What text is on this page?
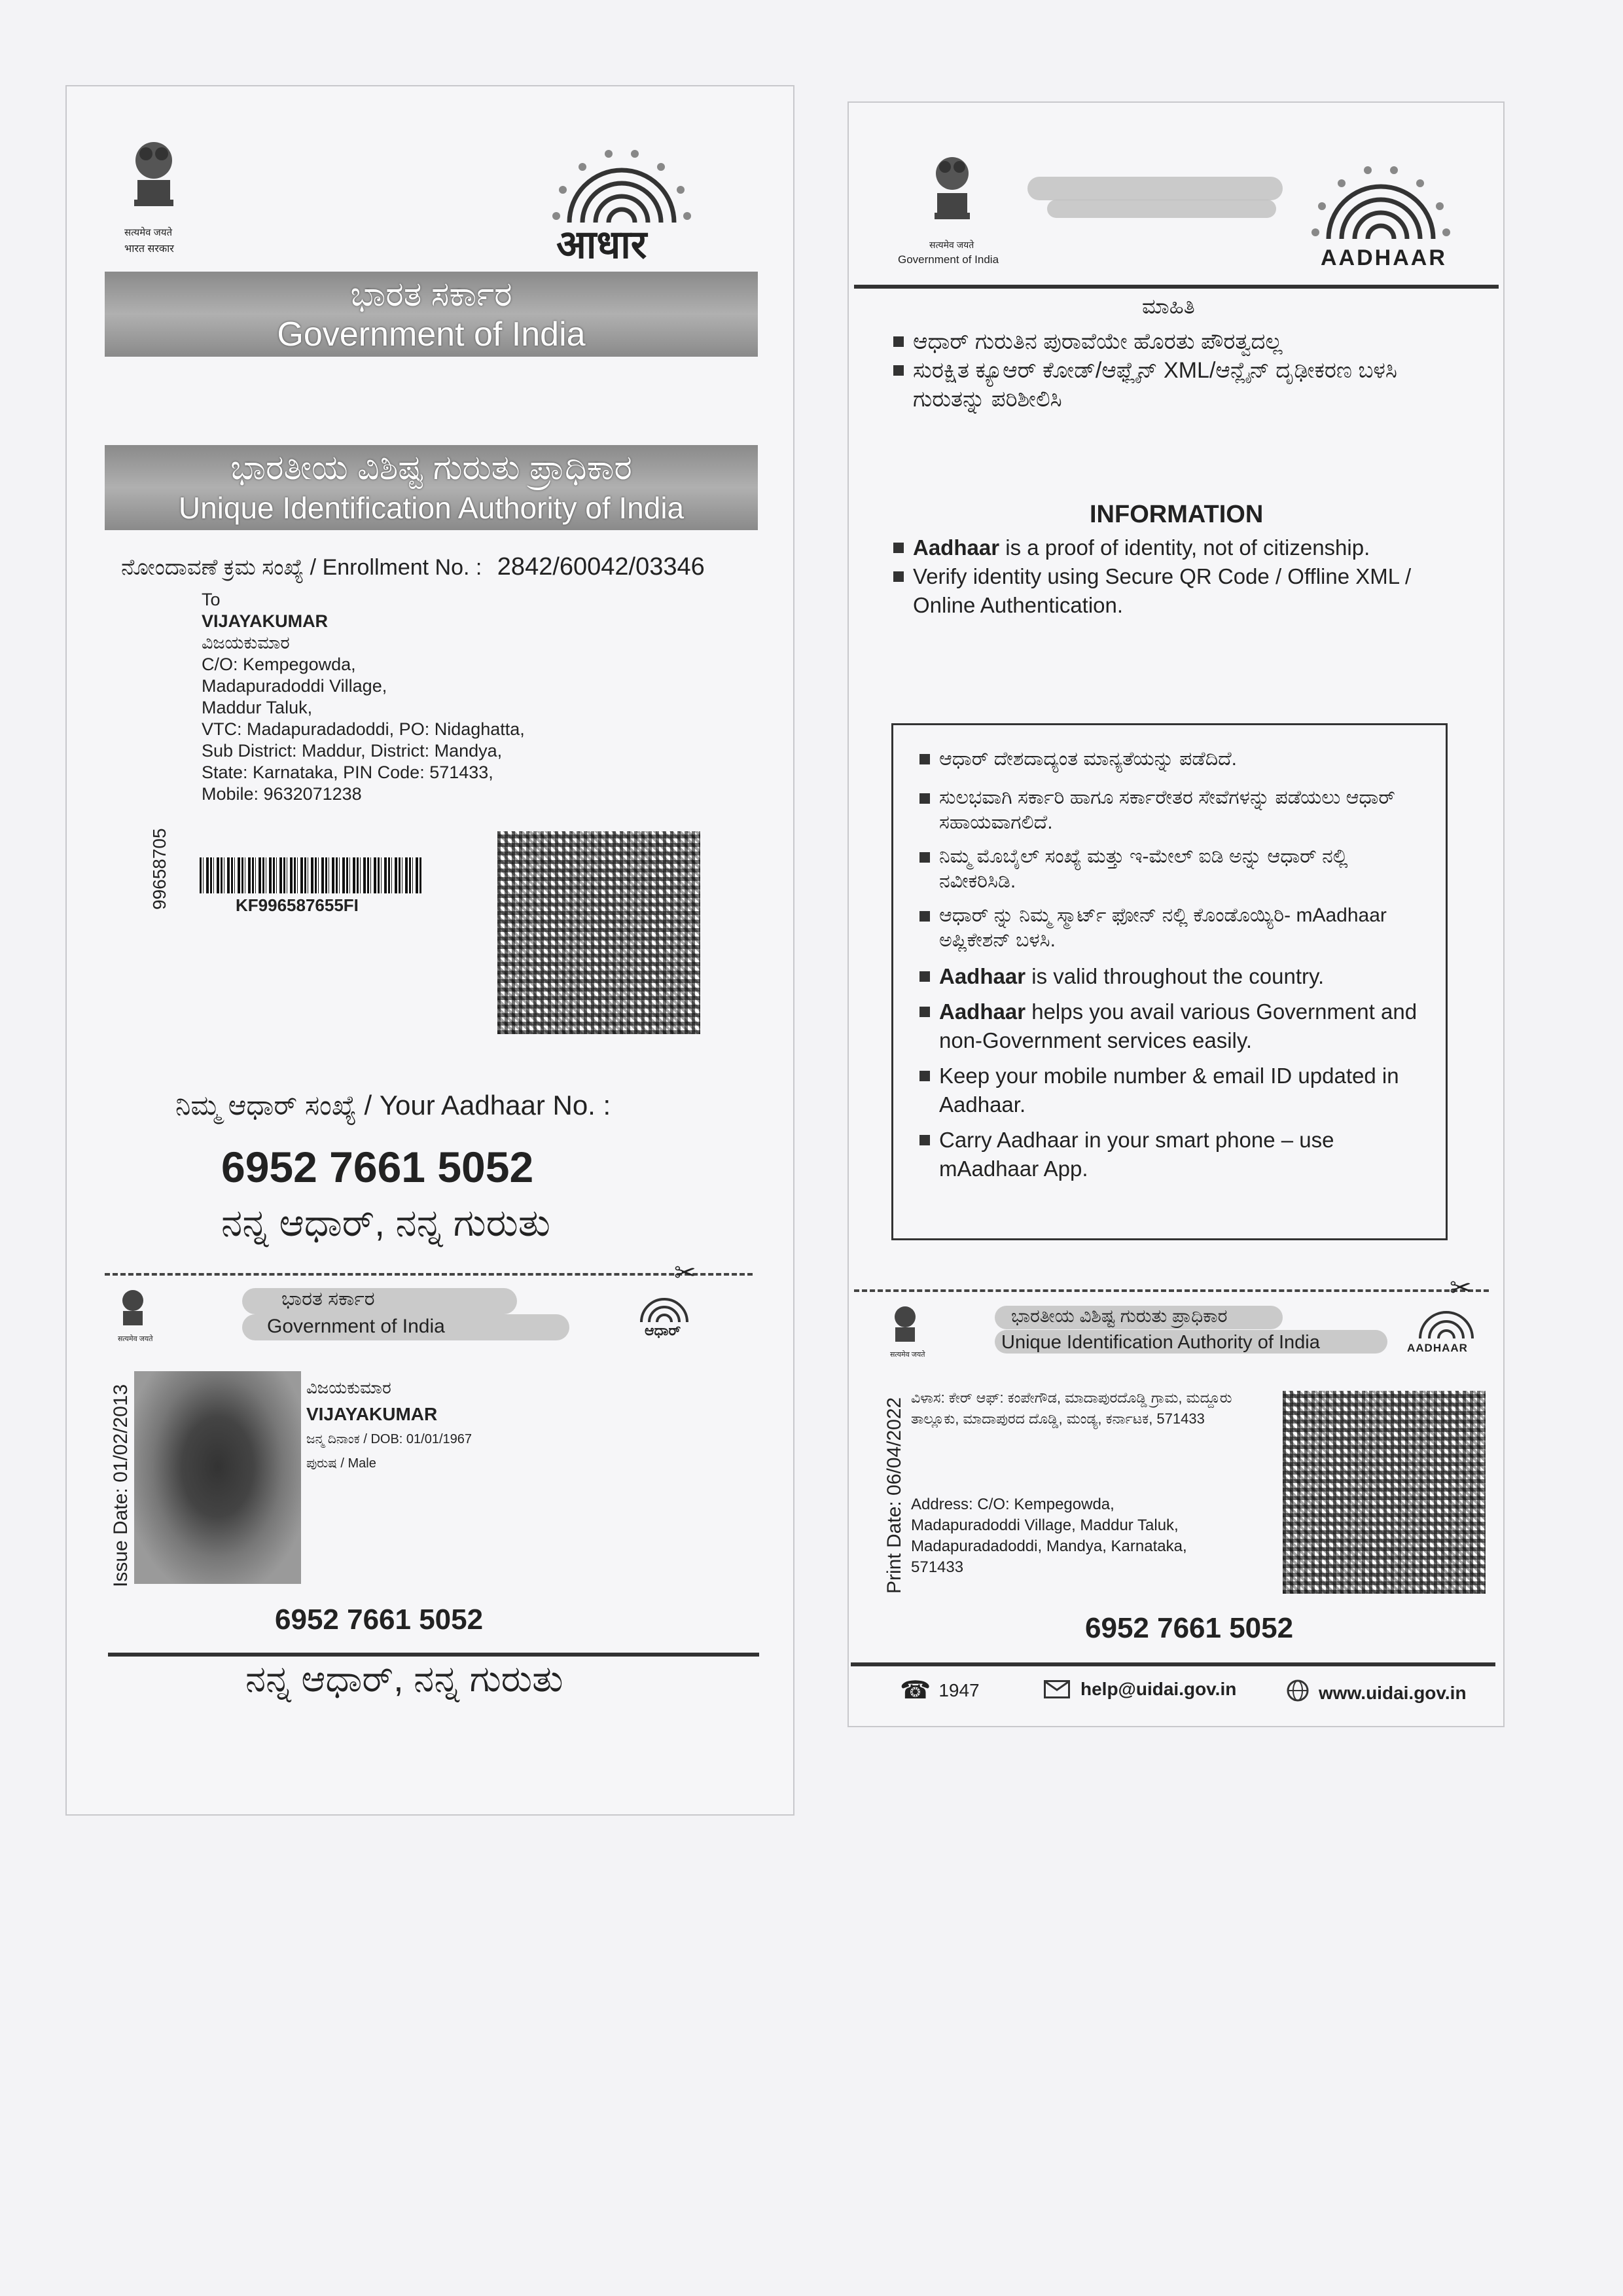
सत्यमेव जयते
भारत सरकार	आधार
ಭಾರತ ಸರ್ಕಾರ
Government of India
ಭಾರತೀಯ ವಿಶಿಷ್ಟ ಗುರುತು ಪ್ರಾಧಿಕಾರ
Unique Identification Authority of India
ನೋಂದಾವಣೆ ಕ್ರಮ ಸಂಖ್ಯೆ / Enrollment No. : 2842/60042/03346
To
VIJAYAKUMAR
ವಿಜಯಕುಮಾರ
C/O: Kempegowda,
Madapuradoddi Village,
Maddur Taluk,
VTC: Madapuradadoddi, PO: Nidaghatta,
Sub District: Maddur, District: Mandya,
State: Karnataka, PIN Code: 571433,
Mobile: 9632071238
99658705	KF996587655FI
ನಿಮ್ಮ ಆಧಾರ್ ಸಂಖ್ಯೆ / Your Aadhaar No. :
6952 7661 5052
ನನ್ನ ಆಧಾರ್, ನನ್ನ ಗುರುತು
✂
सत्यमेव जयते
ಭಾರತ ಸರ್ಕಾರ
Government of India	ಆಧಾರ್
Issue Date: 01/02/2013	ವಿಜಯಕುಮಾರ
VIJAYAKUMAR
ಜನ್ಮ ದಿನಾಂಕ / DOB: 01/01/1967
ಪುರುಷ / Male
6952 7661 5052
ನನ್ನ ಆಧಾರ್, ನನ್ನ ಗುರುತು
सत्यमेव जयते
Government of India	AADHAAR
ಮಾಹಿತಿ
ಆಧಾರ್ ಗುರುತಿನ ಪುರಾವೆಯೇ ಹೊರತು ಪೌರತ್ವದಲ್ಲ
ಸುರಕ್ಷಿತ ಕ್ಯೂಆರ್ ಕೋಡ್/ಆಫ್ಲೈನ್ XML/ಆನ್ಲೈನ್ ದೃಢೀಕರಣ ಬಳಸಿ ಗುರುತನ್ನು ಪರಿಶೀಲಿಸಿ
INFORMATION
Aadhaar is a proof of identity, not of citizenship.
Verify identity using Secure QR Code / Offline XML / Online Authentication.
ಆಧಾರ್ ದೇಶದಾದ್ಯಂತ ಮಾನ್ಯತೆಯನ್ನು ಪಡೆದಿದೆ.
ಸುಲಭವಾಗಿ ಸರ್ಕಾರಿ ಹಾಗೂ ಸರ್ಕಾರೇತರ ಸೇವೆಗಳನ್ನು ಪಡೆಯಲು ಆಧಾರ್ ಸಹಾಯವಾಗಲಿದೆ.
ನಿಮ್ಮ ಮೊಬೈಲ್ ಸಂಖ್ಯೆ ಮತ್ತು ಇ-ಮೇಲ್ ಐಡಿ ಅನ್ನು ಆಧಾರ್ ನಲ್ಲಿ ನವೀಕರಿಸಿಡಿ.
ಆಧಾರ್ ನ್ನು ನಿಮ್ಮ ಸ್ಮಾರ್ಟ್ ಫೋನ್ ನಲ್ಲಿ ಕೊಂಡೊಯ್ಯಿರಿ- mAadhaar ಅಪ್ಲಿಕೇಶನ್ ಬಳಸಿ.
Aadhaar is valid throughout the country.
Aadhaar helps you avail various Government and non-Government services easily.
Keep your mobile number & email ID updated in Aadhaar.
Carry Aadhaar in your smart phone – use mAadhaar App.
✂
सत्यमेव जयते
ಭಾರತೀಯ ವಿಶಿಷ್ಟ ಗುರುತು ಪ್ರಾಧಿಕಾರ
Unique Identification Authority of India	AADHAAR
ವಿಳಾಸ: ಕೇರ್ ಆಫ್: ಕಂಪೇಗೌಡ, ಮಾದಾಪುರದೊಡ್ಡಿ ಗ್ರಾಮ, ಮದ್ದೂರು ತಾಲ್ಲೂಕು, ಮಾದಾಪುರದ ದೊಡ್ಡಿ, ಮಂಡ್ಯ, ಕರ್ನಾಟಕ, 571433
Address: C/O: Kempegowda, Madapuradoddi Village, Maddur Taluk, Madapuradadoddi, Mandya, Karnataka, 571433
Print Date: 06/04/2022
6952 7661 5052
☎ 1947	help@uidai.gov.in	www.uidai.gov.in
